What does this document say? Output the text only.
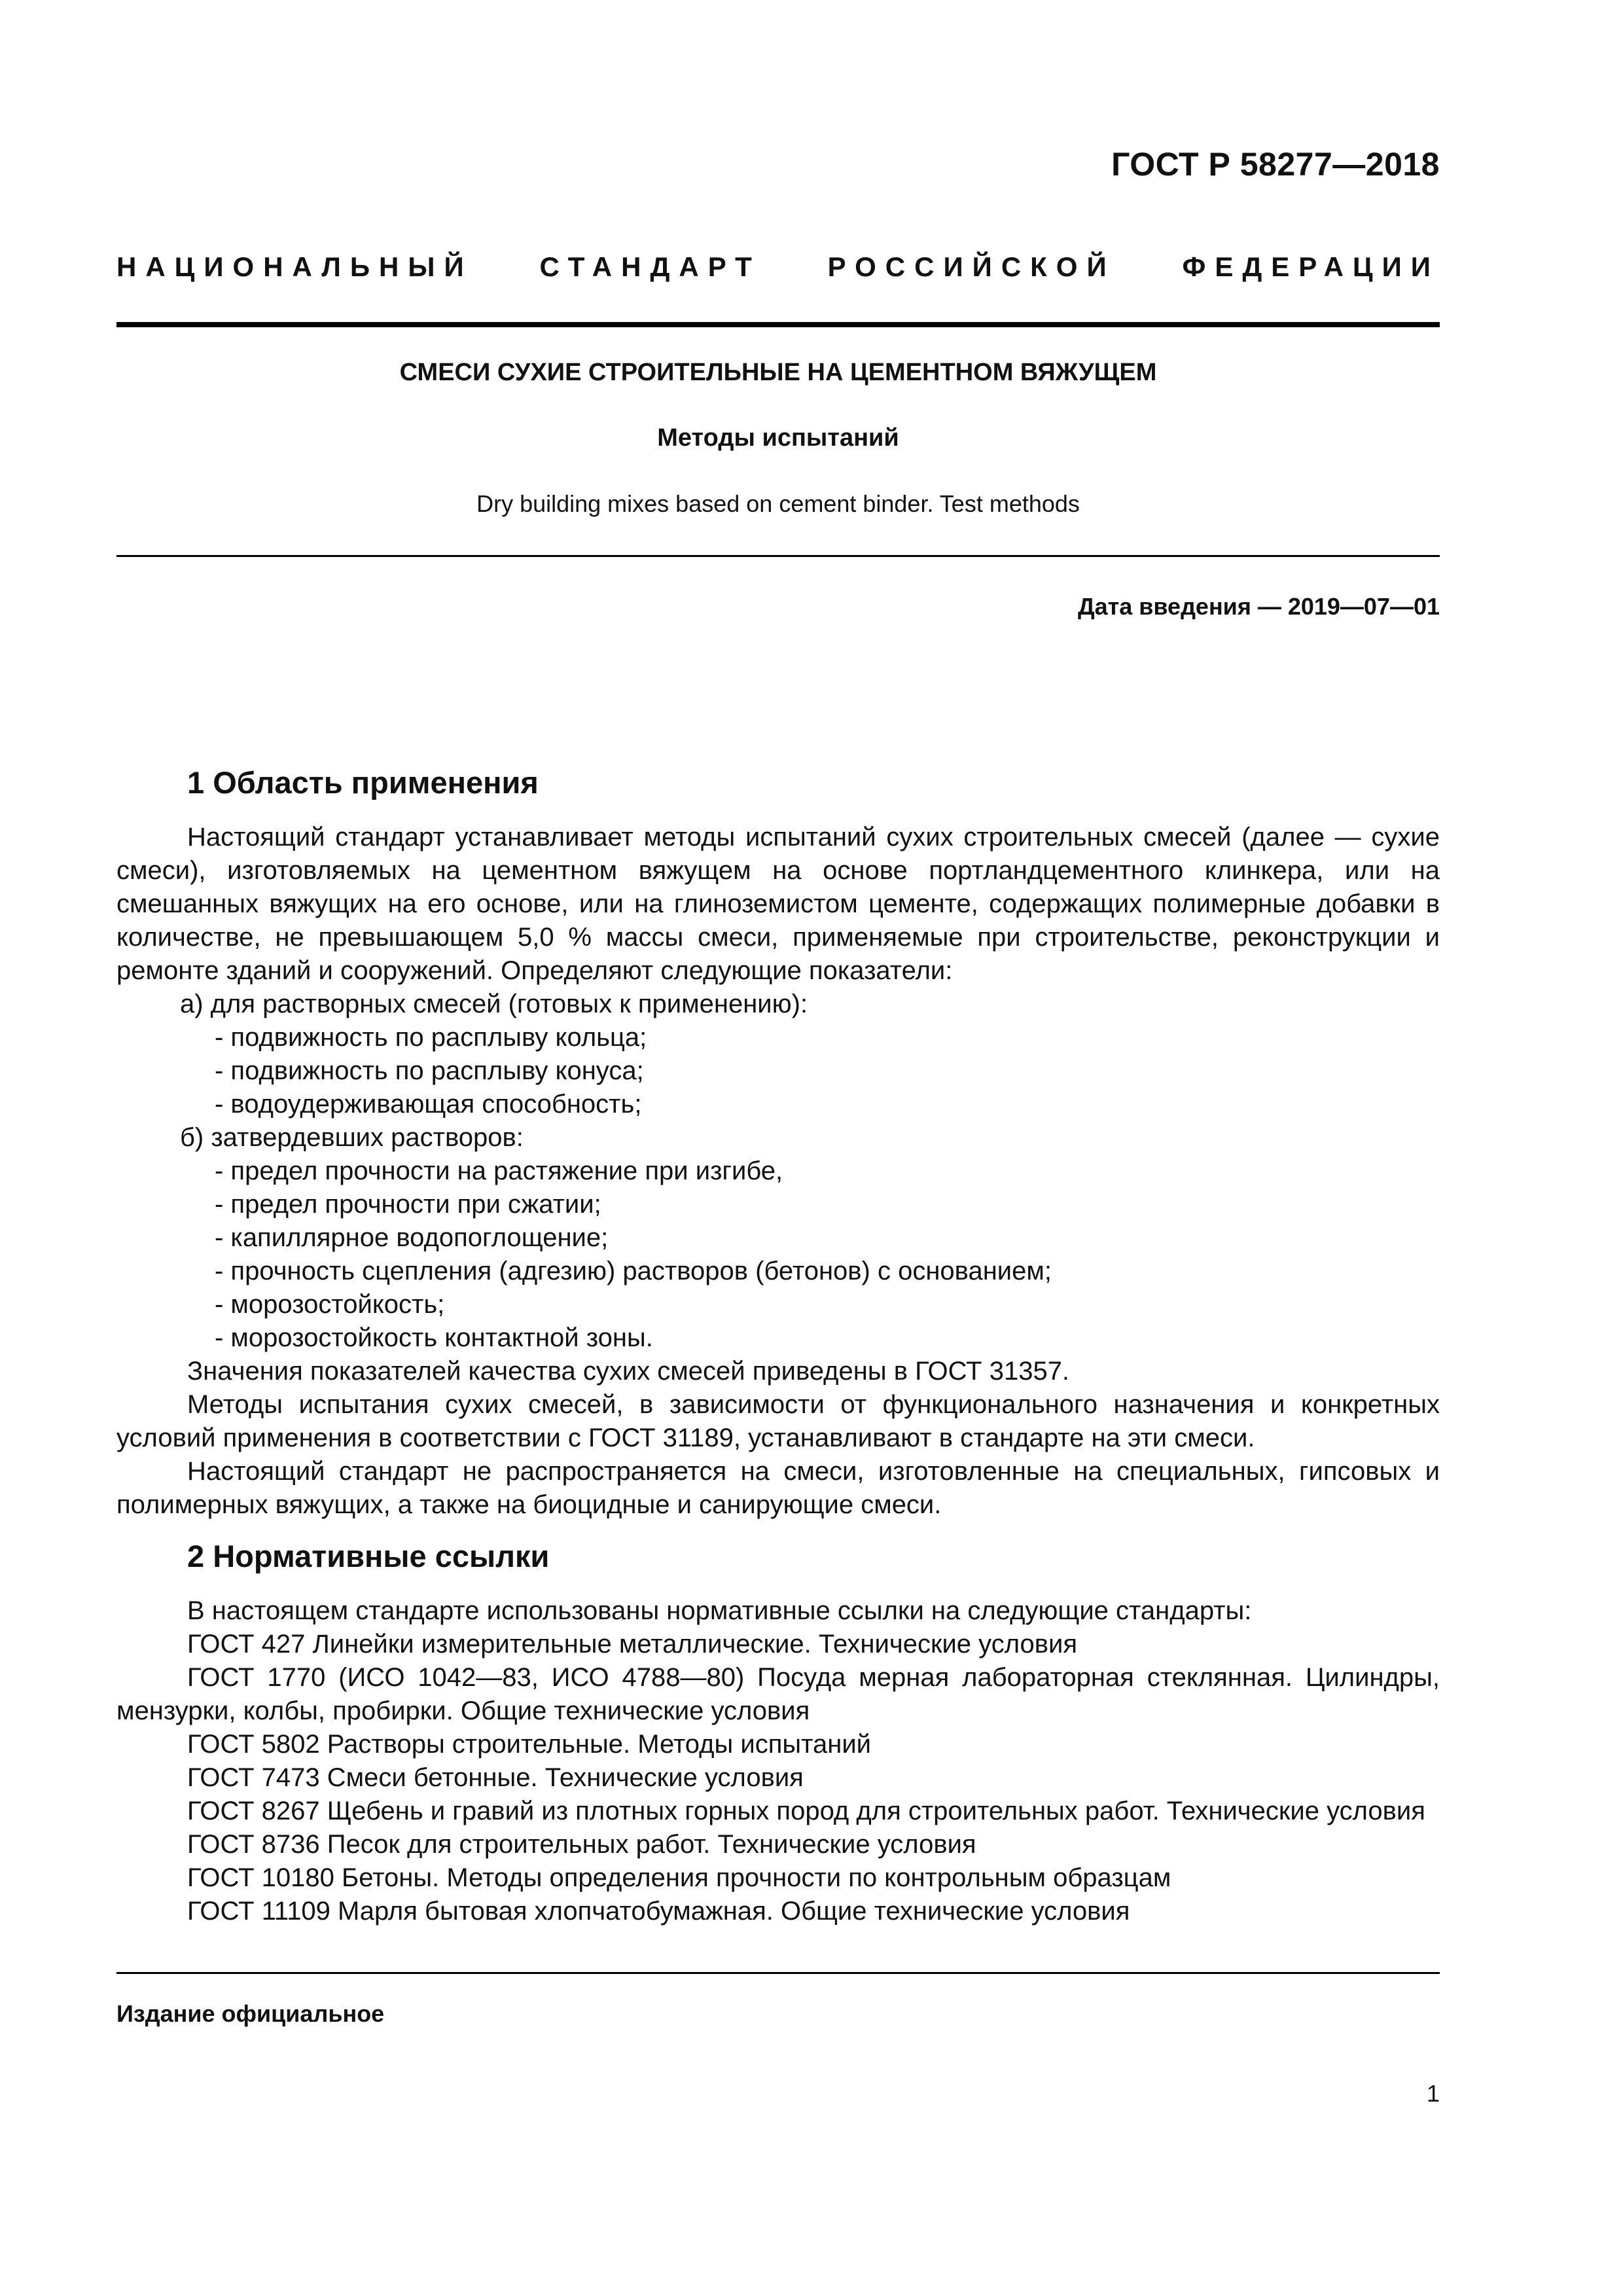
ГОСТ Р 58277—2018
НАЦИОНАЛЬНЫЙ СТАНДАРТ РОССИЙСКОЙ ФЕДЕРАЦИИ
СМЕСИ СУХИЕ СТРОИТЕЛЬНЫЕ НА ЦЕМЕНТНОМ ВЯЖУЩЕМ
Методы испытаний
Dry building mixes based on cement binder. Test methods
Дата введения — 2019—07—01
1 Область применения

Настоящий стандарт устанавливает методы испытаний сухих строительных смесей (далее — сухие смеси), изготовляемых на цементном вяжущем на основе портландцементного клинкера, или на смешанных вяжущих на его основе, или на глиноземистом цементе, содержащих полимерные добавки в количестве, не превышающем 5,0 % массы смеси, применяемые при строительстве, реконструкции и ремонте зданий и сооружений. Определяют следующие показатели:

а) для растворных смесей (готовых к применению):

- подвижность по расплыву кольца;

- подвижность по расплыву конуса;

- водоудерживающая способность;

б) затвердевших растворов:

- предел прочности на растяжение при изгибе,

- предел прочности при сжатии;

- капиллярное водопоглощение;

- прочность сцепления (адгезию) растворов (бетонов) с основанием;

- морозостойкость;

- морозостойкость контактной зоны.

Значения показателей качества сухих смесей приведены в ГОСТ 31357.

Методы испытания сухих смесей, в зависимости от функционального назначения и конкретных условий применения в соответствии с ГОСТ 31189, устанавливают в стандарте на эти смеси.

Настоящий стандарт не распространяется на смеси, изготовленные на специальных, гипсовых и полимерных вяжущих, а также на биоцидные и санирующие смеси.

2 Нормативные ссылки

В настоящем стандарте использованы нормативные ссылки на следующие стандарты:

ГОСТ 427 Линейки измерительные металлические. Технические условия

ГОСТ 1770 (ИСО 1042—83, ИСО 4788—80) Посуда мерная лабораторная стеклянная. Цилиндры, мензурки, колбы, пробирки. Общие технические условия

ГОСТ 5802 Растворы строительные. Методы испытаний

ГОСТ 7473 Смеси бетонные. Технические условия

ГОСТ 8267 Щебень и гравий из плотных горных пород для строительных работ. Технические условия

ГОСТ 8736 Песок для строительных работ. Технические условия

ГОСТ 10180 Бетоны. Методы определения прочности по контрольным образцам

ГОСТ 11109 Марля бытовая хлопчатобумажная. Общие технические условия

Издание официальное
1
